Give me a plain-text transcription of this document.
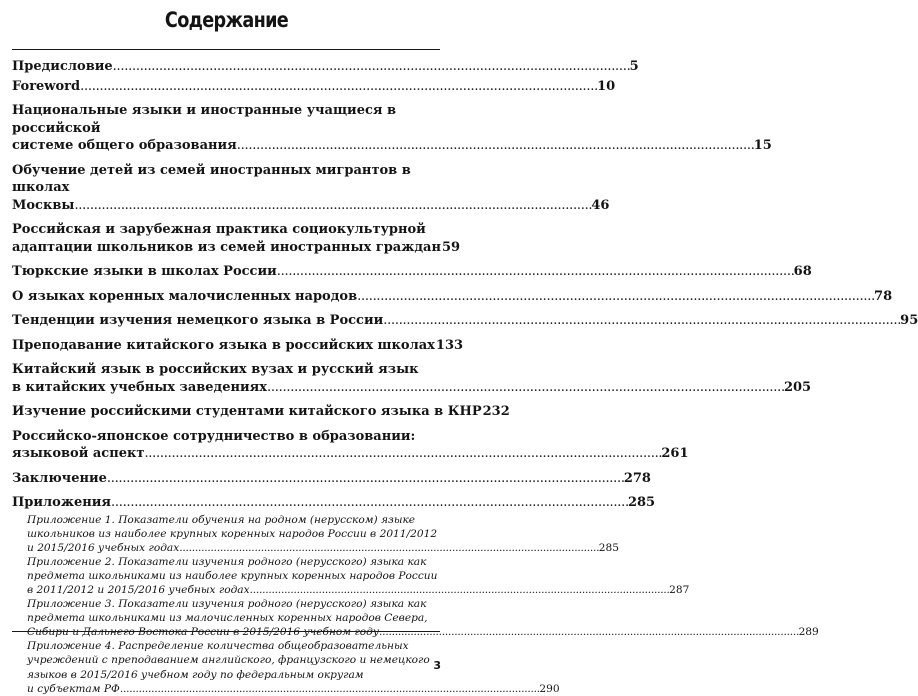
Содержание
Предисловие . . .	5
Foreword . . .	10
Национальные языки и иностранные учащиеся в российской
системе общего образования . . .	15
Обучение детей из семей иностранных мигрантов в школах
Москвы . . .	46
Российская и зарубежная практика социокультурной
адаптации школьников из семей иностранных граждан 59
Тюркские языки в школах России . . .	68
О языках коренных малочисленных народов . . .	78
Тенденции изучения немецкого языка в России . . .	95
Преподавание китайского языка в российских школах 133
Китайский язык в российских вузах и русский язык
в китайских учебных заведениях . . .	205
Изучение российскими студентами китайского языка в КНР 232
Российско-японское сотрудничество в образовании:
языковой аспект . . .	261
Заключение . . .	278
Приложения . . .	285
Приложение 1. Показатели обучения на родном (нерусском) языке
школьников из наиболее крупных коренных народов России в 2011/2012
и 2015/2016 учебных годах . . .	285
Приложение 2. Показатели изучения родного (нерусского) языка как
предмета школьниками из наиболее крупных коренных народов России
в 2011/2012 и 2015/2016 учебных годах . . .	287
Приложение 3. Показатели изучения родного (нерусского) языка как
предмета школьниками из малочисленных коренных народов Севера,
Сибири и Дальнего Востока России в 2015/2016 учебном году . . .	289
Приложение 4. Распределение количества общеобразовательных
учреждений с преподаванием английского, французского и немецкого
языков в 2015/2016 учебном году по федеральным округам
и субъектам РФ . . .	290
3
